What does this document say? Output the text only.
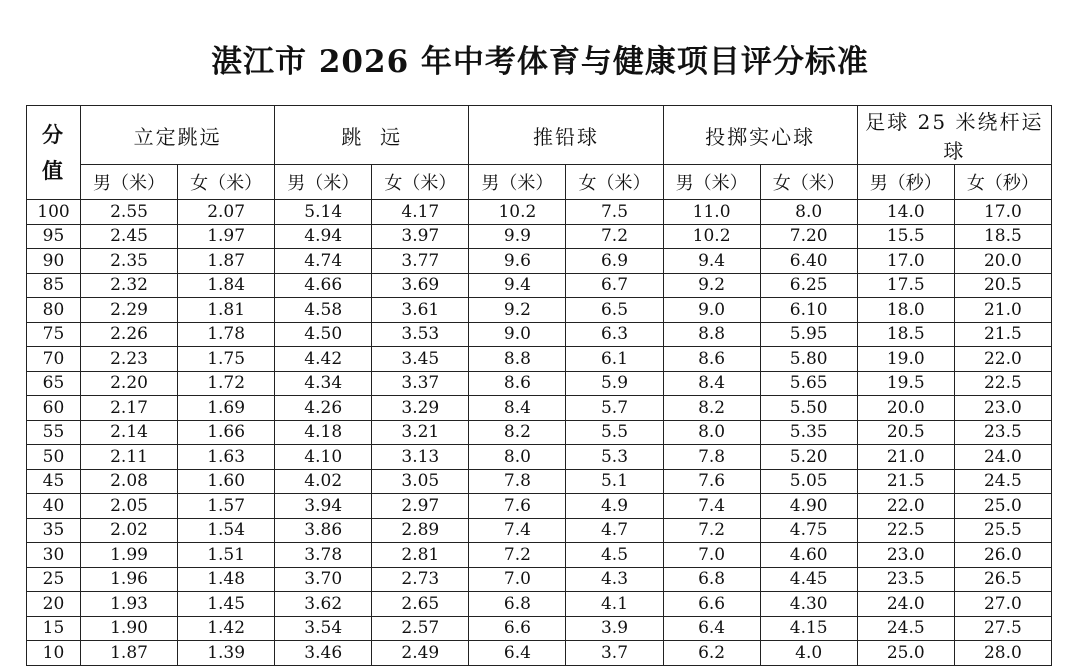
湛江市 2026 年中考体育与健康项目评分标准
分
值	立定跳远		跳  远		推铅球		投掷实心球		足球 25 米绕杆运球	
	男（米）	女（米）	男（米）	女（米）	男（米）	女（米）	男（米）	女（米）	男（秒）	女（秒）
100	2.55	2.07	5.14	4.17	10.2	7.5	11.0	8.0	14.0	17.0
95	2.45	1.97	4.94	3.97	9.9	7.2	10.2	7.20	15.5	18.5
90	2.35	1.87	4.74	3.77	9.6	6.9	9.4	6.40	17.0	20.0
85	2.32	1.84	4.66	3.69	9.4	6.7	9.2	6.25	17.5	20.5
80	2.29	1.81	4.58	3.61	9.2	6.5	9.0	6.10	18.0	21.0
75	2.26	1.78	4.50	3.53	9.0	6.3	8.8	5.95	18.5	21.5
70	2.23	1.75	4.42	3.45	8.8	6.1	8.6	5.80	19.0	22.0
65	2.20	1.72	4.34	3.37	8.6	5.9	8.4	5.65	19.5	22.5
60	2.17	1.69	4.26	3.29	8.4	5.7	8.2	5.50	20.0	23.0
55	2.14	1.66	4.18	3.21	8.2	5.5	8.0	5.35	20.5	23.5
50	2.11	1.63	4.10	3.13	8.0	5.3	7.8	5.20	21.0	24.0
45	2.08	1.60	4.02	3.05	7.8	5.1	7.6	5.05	21.5	24.5
40	2.05	1.57	3.94	2.97	7.6	4.9	7.4	4.90	22.0	25.0
35	2.02	1.54	3.86	2.89	7.4	4.7	7.2	4.75	22.5	25.5
30	1.99	1.51	3.78	2.81	7.2	4.5	7.0	4.60	23.0	26.0
25	1.96	1.48	3.70	2.73	7.0	4.3	6.8	4.45	23.5	26.5
20	1.93	1.45	3.62	2.65	6.8	4.1	6.6	4.30	24.0	27.0
15	1.90	1.42	3.54	2.57	6.6	3.9	6.4	4.15	24.5	27.5
10	1.87	1.39	3.46	2.49	6.4	3.7	6.2	4.0	25.0	28.0
